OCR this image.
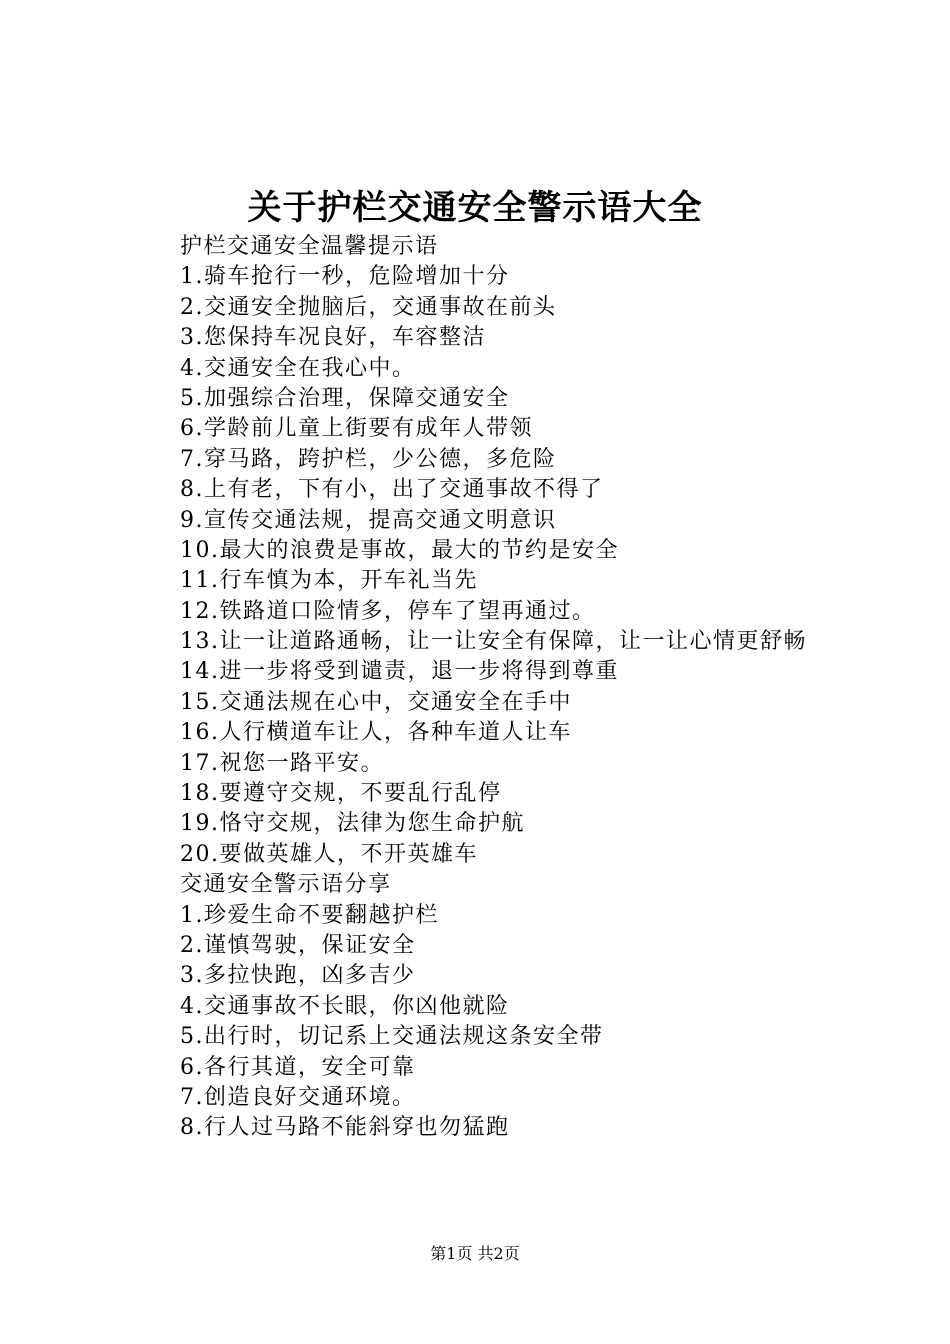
关于护栏交通安全警示语大全
护栏交通安全温馨提示语
1.骑车抢行一秒，危险增加十分
2.交通安全抛脑后，交通事故在前头
3.您保持车况良好，车容整洁
4.交通安全在我心中。
5.加强综合治理，保障交通安全
6.学龄前儿童上街要有成年人带领
7.穿马路，跨护栏，少公德，多危险
8.上有老，下有小，出了交通事故不得了
9.宣传交通法规，提高交通文明意识
10.最大的浪费是事故，最大的节约是安全
11.行车慎为本，开车礼当先
12.铁路道口险情多，停车了望再通过。
13.让一让道路通畅，让一让安全有保障，让一让心情更舒畅
14.进一步将受到谴责，退一步将得到尊重
15.交通法规在心中，交通安全在手中
16.人行横道车让人，各种车道人让车
17.祝您一路平安。
18.要遵守交规，不要乱行乱停
19.恪守交规，法律为您生命护航
20.要做英雄人，不开英雄车
交通安全警示语分享
1.珍爱生命不要翻越护栏
2.谨慎驾驶，保证安全
3.多拉快跑，凶多吉少
4.交通事故不长眼，你凶他就险
5.出行时，切记系上交通法规这条安全带
6.各行其道，安全可靠
7.创造良好交通环境。
8.行人过马路不能斜穿也勿猛跑
第1页 共2页
